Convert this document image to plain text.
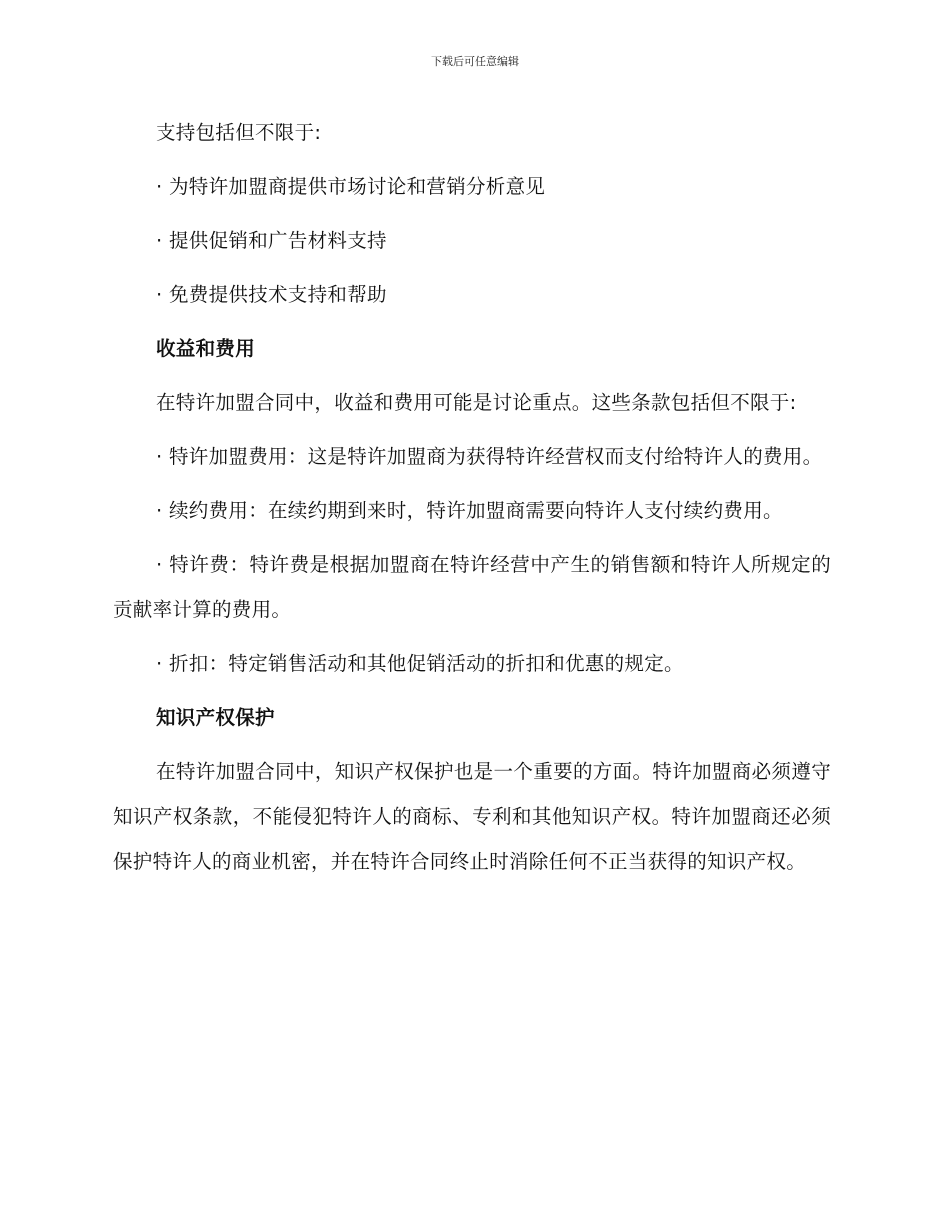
下载后可任意编辑

支持包括但不限于:

· 为特许加盟商提供市场讨论和营销分析意见

· 提供促销和广告材料支持

· 免费提供技术支持和帮助

收益和费用

在特许加盟合同中，收益和费用可能是讨论重点。这些条款包括但不限于:

· 特许加盟费用：这是特许加盟商为获得特许经营权而支付给特许人的费用。

· 续约费用：在续约期到来时，特许加盟商需要向特许人支付续约费用。

· 特许费：特许费是根据加盟商在特许经营中产生的销售额和特许人所规定的贡献率计算的费用。

· 折扣：特定销售活动和其他促销活动的折扣和优惠的规定。

知识产权保护

在特许加盟合同中，知识产权保护也是一个重要的方面。特许加盟商必须遵守知识产权条款，不能侵犯特许人的商标、专利和其他知识产权。特许加盟商还必须保护特许人的商业机密，并在特许合同终止时消除任何不正当获得的知识产权。
